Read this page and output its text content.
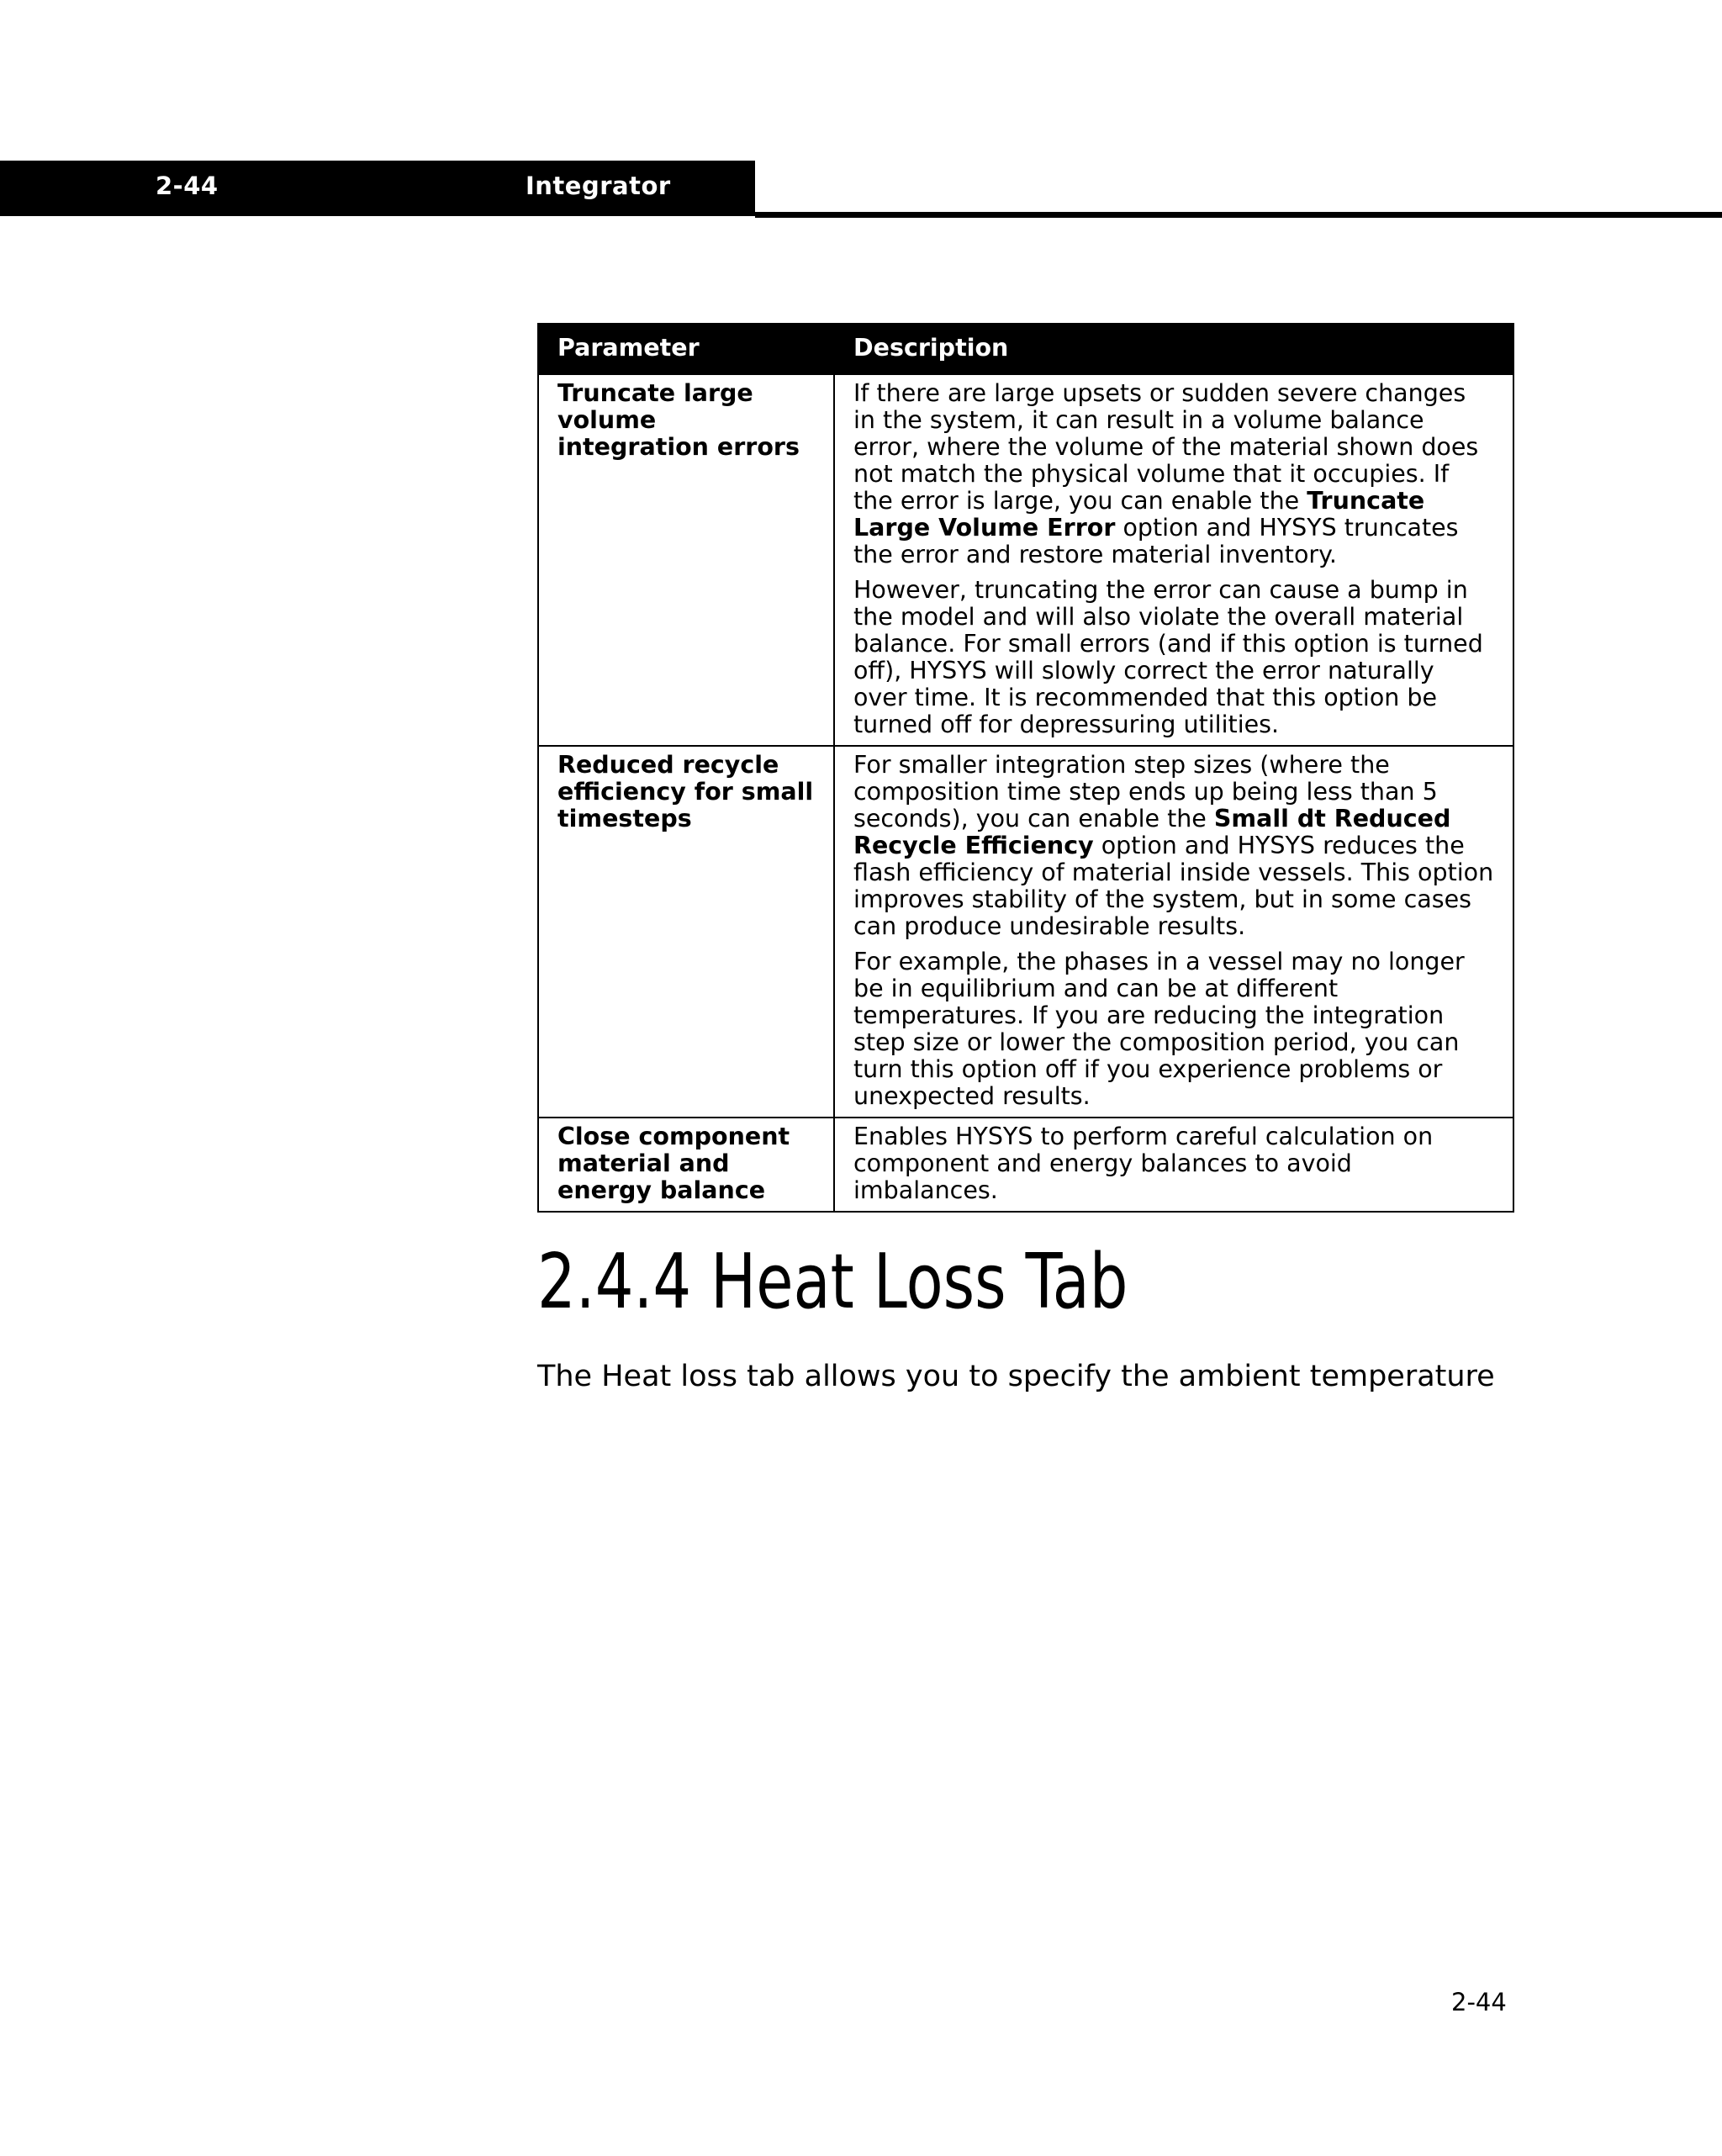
2-44	Integrator
Parameter	Description
Truncate large volume integration errors	If there are large upsets or sudden severe changes in the system, it can result in a volume balance error, where the volume of the material shown does not match the physical volume that it occupies. If the error is large, you can enable the Truncate Large Volume Error option and HYSYS truncates the error and restore material inventory.

However, truncating the error can cause a bump in the model and will also violate the overall material balance. For small errors (and if this option is turned off), HYSYS will slowly correct the error naturally over time. It is recommended that this option be turned off for depressuring utilities.

Reduced recycle efficiency for small timesteps	For smaller integration step sizes (where the composition time step ends up being less than 5 seconds), you can enable the Small dt Reduced Recycle Efficiency option and HYSYS reduces the flash efficiency of material inside vessels. This option improves stability of the system, but in some cases can produce undesirable results.

For example, the phases in a vessel may no longer be in equilibrium and can be at different temperatures. If you are reducing the integration step size or lower the composition period, you can turn this option off if you experience problems or unexpected results.

Close component material and energy balance	Enables HYSYS to perform careful calculation on component and energy balances to avoid imbalances.

2.4.4 Heat Loss Tab

The Heat loss tab allows you to specify the ambient temperature

2-44
